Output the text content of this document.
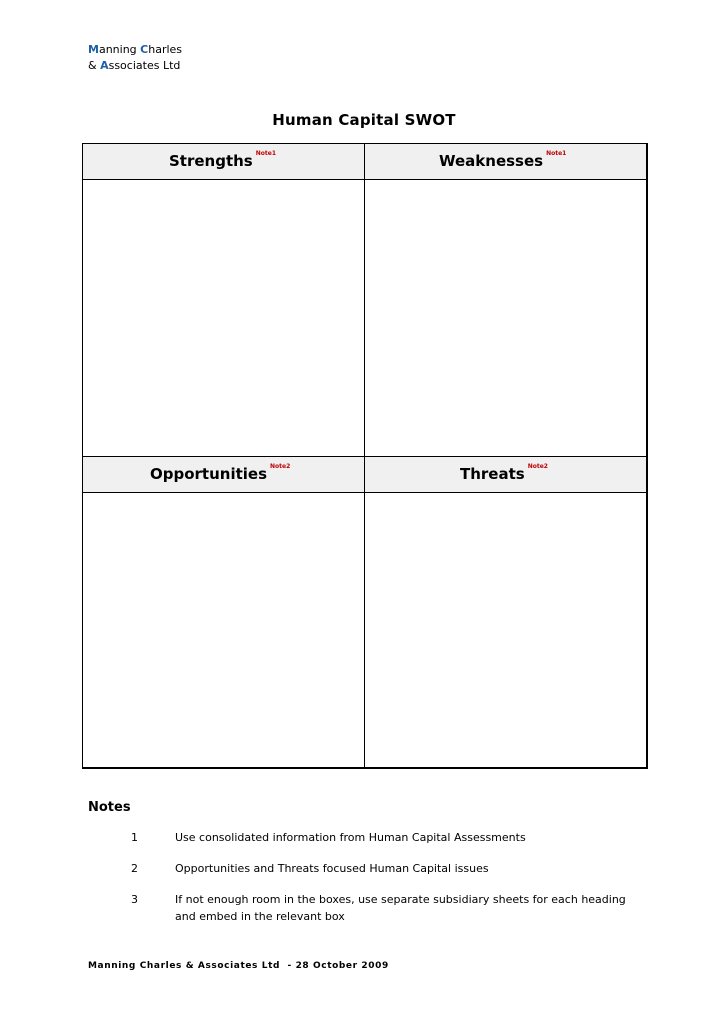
Manning Charles
& Associates Ltd
Human Capital SWOT
Strengths $^{Note1}$	Weaknesses $^{Note1}$
Opportunities $^{Note2}$	Threats $^{Note2}$
Notes
1	Use consolidated information from Human Capital Assessments
2	Opportunities and Threats focused Human Capital issues
3	If not enough room in the boxes, use separate subsidiary sheets for each heading and embed in the relevant box
Manning Charles & Associates Ltd  - 28 October 2009
